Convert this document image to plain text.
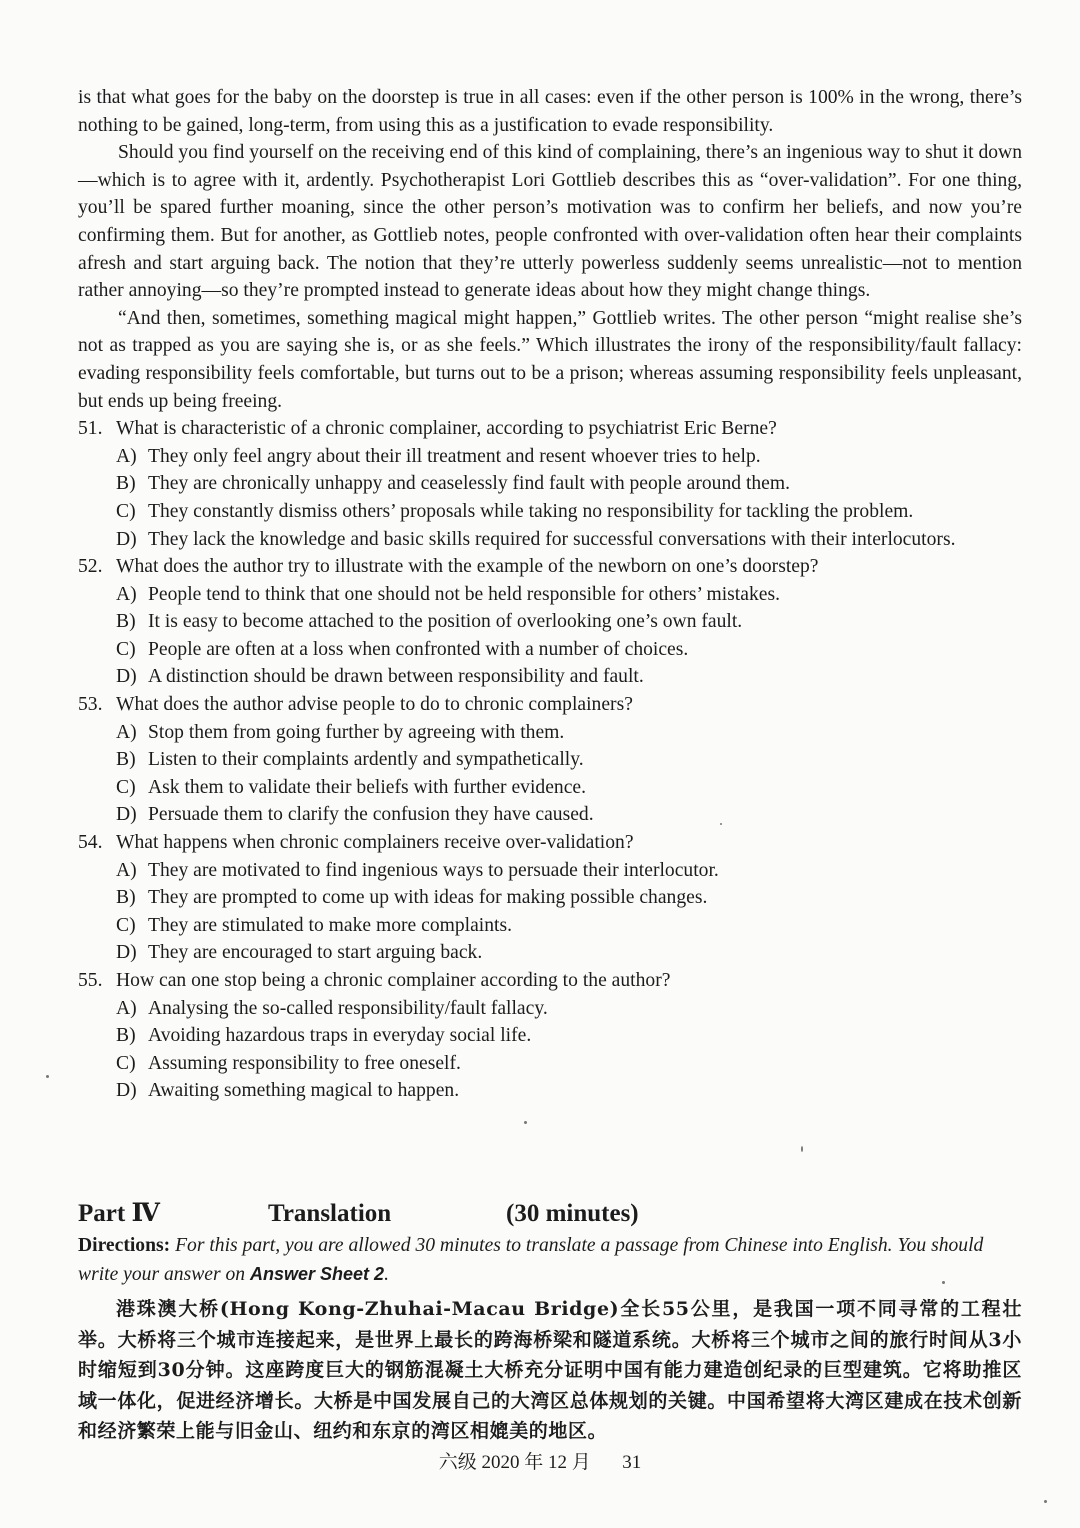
is that what goes for the baby on the doorstep is true in all cases: even if the other person is 100% in the wrong, there’s nothing to be gained, long-term, from using this as a justification to evade responsibility.

Should you find yourself on the receiving end of this kind of complaining, there’s an ingenious way to shut it down—which is to agree with it, ardently. Psychotherapist Lori Gottlieb describes this as “over-validation”. For one thing, you’ll be spared further moaning, since the other person’s motivation was to confirm her beliefs, and now you’re confirming them. But for another, as Gottlieb notes, people confronted with over-validation often hear their complaints afresh and start arguing back. The notion that they’re utterly powerless suddenly seems unrealistic—not to mention rather annoying—so they’re prompted instead to generate ideas about how they might change things.

“And then, sometimes, something magical might happen,” Gottlieb writes. The other person “might realise she’s not as trapped as you are saying she is, or as she feels.” Which illustrates the irony of the responsibility/fault fallacy: evading responsibility feels comfortable, but turns out to be a prison; whereas assuming responsibility feels unpleasant, but ends up being freeing.

51. What is characteristic of a chronic complainer, according to psychiatrist Eric Berne?
A) They only feel angry about their ill treatment and resent whoever tries to help.
B) They are chronically unhappy and ceaselessly find fault with people around them.
C) They constantly dismiss others’ proposals while taking no responsibility for tackling the problem.
D) They lack the knowledge and basic skills required for successful conversations with their interlocutors.
52. What does the author try to illustrate with the example of the newborn on one’s doorstep?
A) People tend to think that one should not be held responsible for others’ mistakes.
B) It is easy to become attached to the position of overlooking one’s own fault.
C) People are often at a loss when confronted with a number of choices.
D) A distinction should be drawn between responsibility and fault.
53. What does the author advise people to do to chronic complainers?
A) Stop them from going further by agreeing with them.
B) Listen to their complaints ardently and sympathetically.
C) Ask them to validate their beliefs with further evidence.
D) Persuade them to clarify the confusion they have caused.
54. What happens when chronic complainers receive over-validation?
A) They are motivated to find ingenious ways to persuade their interlocutor.
B) They are prompted to come up with ideas for making possible changes.
C) They are stimulated to make more complaints.
D) They are encouraged to start arguing back.
55. How can one stop being a chronic complainer according to the author?
A) Analysing the so-called responsibility/fault fallacy.
B) Avoiding hazardous traps in everyday social life.
C) Assuming responsibility to free oneself.
D) Awaiting something magical to happen.
Part Ⅳ	Translation	(30 minutes)
Directions: For this part, you are allowed 30 minutes to translate a passage from Chinese into English. You should write your answer on Answer Sheet 2.
港珠澳大桥(Hong Kong-Zhuhai-Macau Bridge)全长55公里，是我国一项不同寻常的工程壮举。大桥将三个城市连接起来，是世界上最长的跨海桥梁和隧道系统。大桥将三个城市之间的旅行时间从3小时缩短到30分钟。这座跨度巨大的钢筋混凝土大桥充分证明中国有能力建造创纪录的巨型建筑。它将助推区域一体化，促进经济增长。大桥是中国发展自己的大湾区总体规划的关键。中国希望将大湾区建成在技术创新和经济繁荣上能与旧金山、纽约和东京的湾区相媲美的地区。
六级 2020 年 12 月 31
